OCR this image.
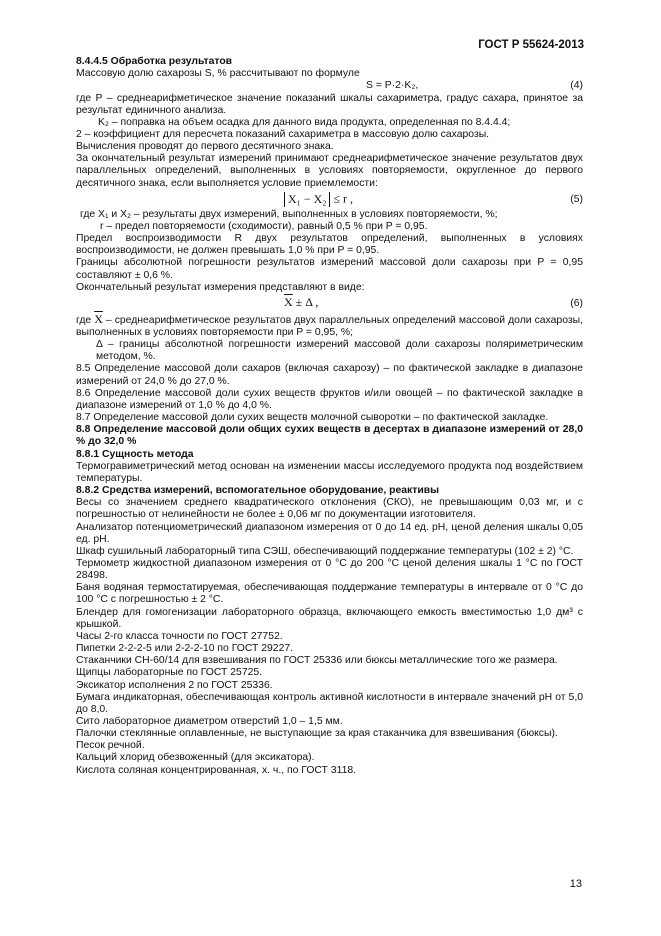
ГОСТ Р 55624-2013

8.4.4.5 Обработка результатов

Массовую долю сахарозы S, % рассчитывают по формуле

S = P·2·K₂,	(4)

где P – среднеарифметическое значение показаний шкалы сахариметра, градус сахара, принятое за результат единичного анализа.

K₂ – поправка на объем осадка для данного вида продукта, определенная по 8.4.4.4;

2 – коэффициент для пересчета показаний сахариметра в массовую долю сахарозы.

Вычисления проводят до первого десятичного знака.

За окончательный результат измерений принимают среднеарифметическое значение результатов двух параллельных определений, выполненных в условиях повторяемости, округленное до первого десятичного знака, если выполняется условие приемлемости:

X₁ − X₂ ≤ r ,	(5)

где X₁ и X₂ – результаты двух измерений, выполненных в условиях повторяемости, %;

r – предел повторяемости (сходимости), равный 0,5 % при P = 0,95.

Предел воспроизводимости R двух результатов определений, выполненных в условиях воспроизводимости, не должен превышать 1,0 % при P = 0,95.

Границы абсолютной погрешности результатов измерений массовой доли сахарозы при P = 0,95 составляют ± 0,6 %.

Окончательный результат измерения представляют в виде:

$\overline{X} \pm \Delta$ ,	(6)

где $\overline{X}$ – среднеарифметическое результатов двух параллельных определений массовой доли сахарозы, выполненных в условиях повторяемости при P = 0,95, %;

Δ – границы абсолютной погрешности измерений массовой доли сахарозы поляриметрическим методом, %.

8.5 Определение массовой доли сахаров (включая сахарозу) – по фактической закладке в диапазоне измерений от 24,0 % до 27,0 %.

8.6 Определение массовой доли сухих веществ фруктов и/или овощей – по фактической закладке в диапазоне измерений от 1,0 % до 4,0 %.

8.7 Определение массовой доли сухих веществ молочной сыворотки – по фактической закладке.

8.8 Определение массовой доли общих сухих веществ в десертах в диапазоне измерений от 28,0 % до 32,0 %

8.8.1 Сущность метода

Термогравиметрический метод основан на изменении массы исследуемого продукта под воздействием температуры.

8.8.2 Средства измерений, вспомогательное оборудование, реактивы

Весы со значением среднего квадратического отклонения (СКО), не превышающим 0,03 мг, и с погрешностью от нелинейности не более ± 0,06 мг по документации изготовителя.

Анализатор потенциометрический диапазоном измерения от 0 до 14 ед. pH, ценой деления шкалы 0,05 ед. pH.

Шкаф сушильный лабораторный типа СЭШ, обеспечивающий поддержание температуры (102 ± 2) °С.

Термометр жидкостной диапазоном измерения от 0 °С до 200 °С ценой деления шкалы 1 °С по ГОСТ 28498.

Баня водяная термостатируемая, обеспечивающая поддержание температуры в интервале от 0 °С до 100 °С с погрешностью ± 2 °С.

Блендер для гомогенизации лабораторного образца, включающего емкость вместимостью 1,0 дм³ с крышкой.

Часы 2-го класса точности по ГОСТ 27752.

Пипетки 2-2-2-5 или 2-2-2-10 по ГОСТ 29227.

Стаканчики СН-60/14 для взвешивания по ГОСТ 25336 или бюксы металлические того же размера.

Щипцы лабораторные по ГОСТ 25725.

Эксикатор исполнения 2 по ГОСТ 25336.

Бумага индикаторная, обеспечивающая контроль активной кислотности в интервале значений pH от 5,0 до 8,0.

Сито лабораторное диаметром отверстий 1,0 – 1,5 мм.

Палочки стеклянные оплавленные, не выступающие за края стаканчика для взвешивания (бюксы).

Песок речной.

Кальций хлорид обезвоженный (для эксикатора).

Кислота соляная концентрированная, х. ч., по ГОСТ 3118.

13
